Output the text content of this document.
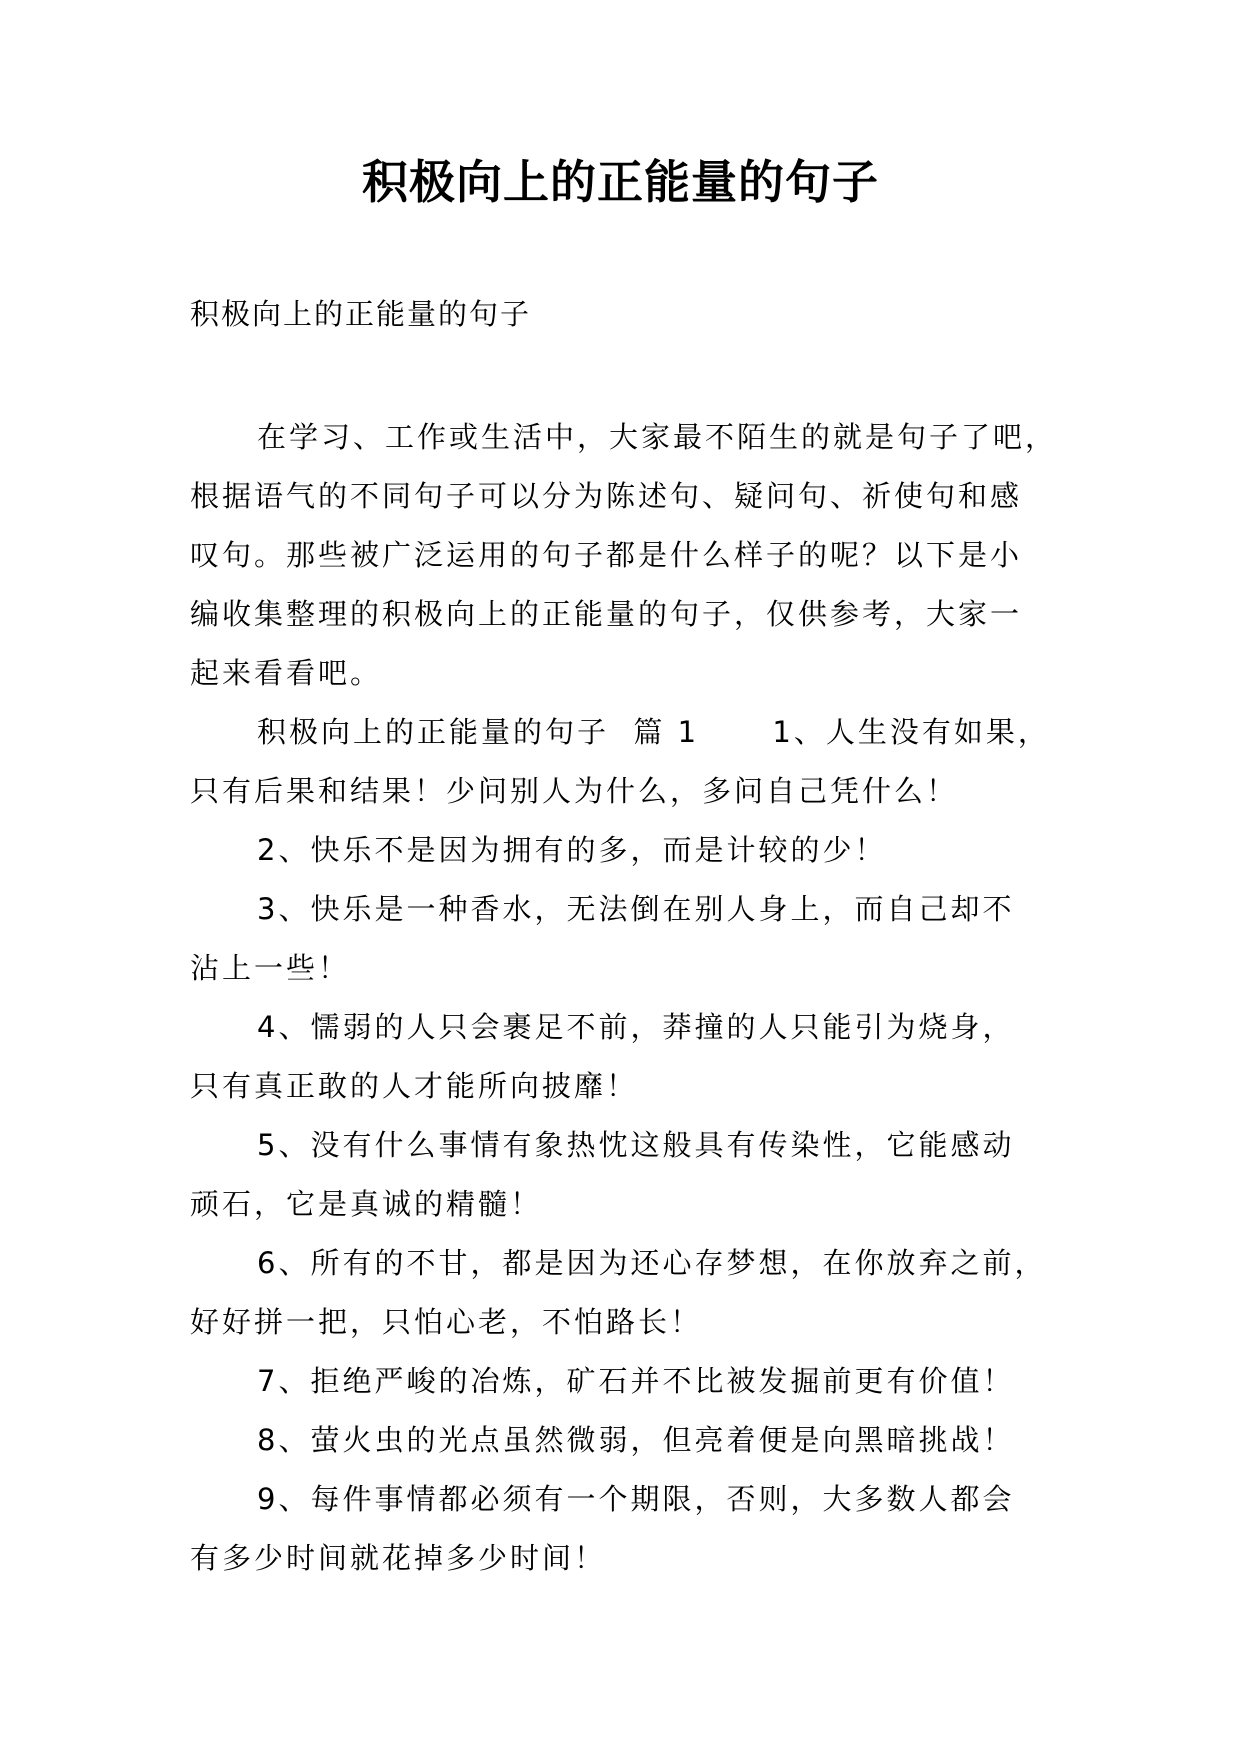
积极向上的正能量的句子
积极向上的正能量的句子
在学习、工作或生活中，大家最不陌生的就是句子了吧，
根据语气的不同句子可以分为陈述句、疑问句、祈使句和感
叹句。那些被广泛运用的句子都是什么样子的呢？以下是小
编收集整理的积极向上的正能量的句子，仅供参考，大家一
起来看看吧。
积极向上的正能量的句子  篇 1      1、人生没有如果，
只有后果和结果！少问别人为什么，多问自己凭什么！
2、快乐不是因为拥有的多，而是计较的少！
3、快乐是一种香水，无法倒在别人身上，而自己却不
沾上一些！
4、懦弱的人只会裹足不前，莽撞的人只能引为烧身，
只有真正敢的人才能所向披靡！
5、没有什么事情有象热忱这般具有传染性，它能感动
顽石，它是真诚的精髓！
6、所有的不甘，都是因为还心存梦想，在你放弃之前，
好好拼一把，只怕心老，不怕路长！
7、拒绝严峻的冶炼，矿石并不比被发掘前更有价值！
8、萤火虫的光点虽然微弱，但亮着便是向黑暗挑战！
9、每件事情都必须有一个期限，否则，大多数人都会
有多少时间就花掉多少时间！
